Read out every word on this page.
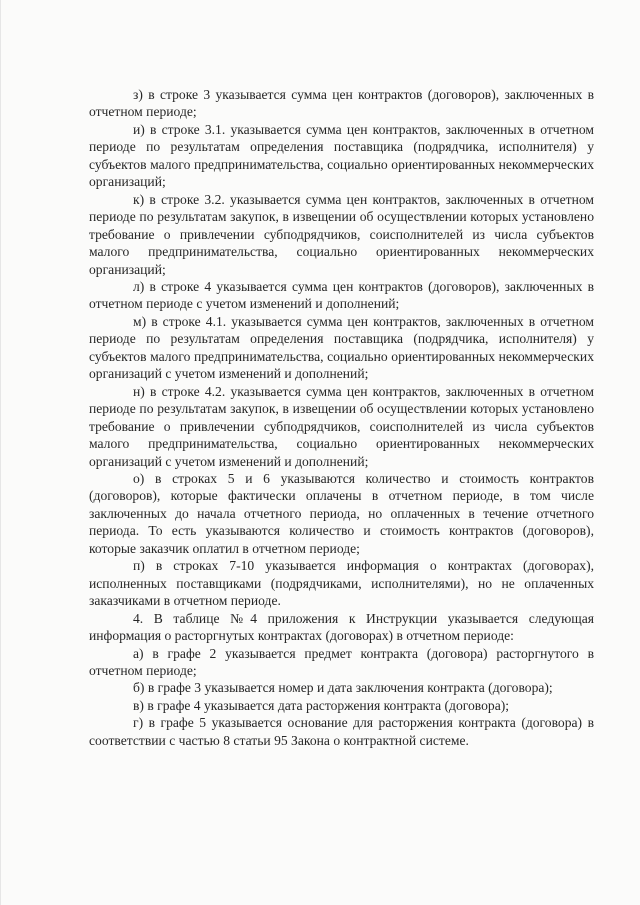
з) в строке 3 указывается сумма цен контрактов (договоров), заключенных в отчетном периоде;

и) в строке 3.1. указывается сумма цен контрактов, заключенных в отчетном периоде по результатам определения поставщика (подрядчика, исполнителя) у субъектов малого предпринимательства, социально ориентированных некоммерческих организаций;

к) в строке 3.2. указывается сумма цен контрактов, заключенных в отчетном периоде по результатам закупок, в извещении об осуществлении которых установлено требование о привлечении субподрядчиков, соисполнителей из числа субъектов малого предпринимательства, социально ориентированных некоммерческих организаций;

л) в строке 4 указывается сумма цен контрактов (договоров), заключенных в отчетном периоде с учетом изменений и дополнений;

м) в строке 4.1. указывается сумма цен контрактов, заключенных в отчетном периоде по результатам определения поставщика (подрядчика, исполнителя) у субъектов малого предпринимательства, социально ориентированных некоммерческих организаций с учетом изменений и дополнений;

н) в строке 4.2. указывается сумма цен контрактов, заключенных в отчетном периоде по результатам закупок, в извещении об осуществлении которых установлено требование о привлечении субподрядчиков, соисполнителей из числа субъектов малого предпринимательства, социально ориентированных некоммерческих организаций с учетом изменений и дополнений;

о) в строках 5 и 6 указываются количество и стоимость контрактов (договоров), которые фактически оплачены в отчетном периоде, в том числе заключенных до начала отчетного периода, но оплаченных в течение отчетного периода. То есть указываются количество и стоимость контрактов (договоров), которые заказчик оплатил в отчетном периоде;

п) в строках 7-10 указывается информация о контрактах (договорах), исполненных поставщиками (подрядчиками, исполнителями), но не оплаченных заказчиками в отчетном периоде.

4. В таблице №4 приложения к Инструкции указывается следующая информация о расторгнутых контрактах (договорах) в отчетном периоде:

а) в графе 2 указывается предмет контракта (договора) расторгнутого в отчетном периоде;

б) в графе 3 указывается номер и дата заключения контракта (договора);

в) в графе 4 указывается дата расторжения контракта (договора);

г) в графе 5 указывается основание для расторжения контракта (договора) в соответствии с частью 8 статьи 95 Закона о контрактной системе.
